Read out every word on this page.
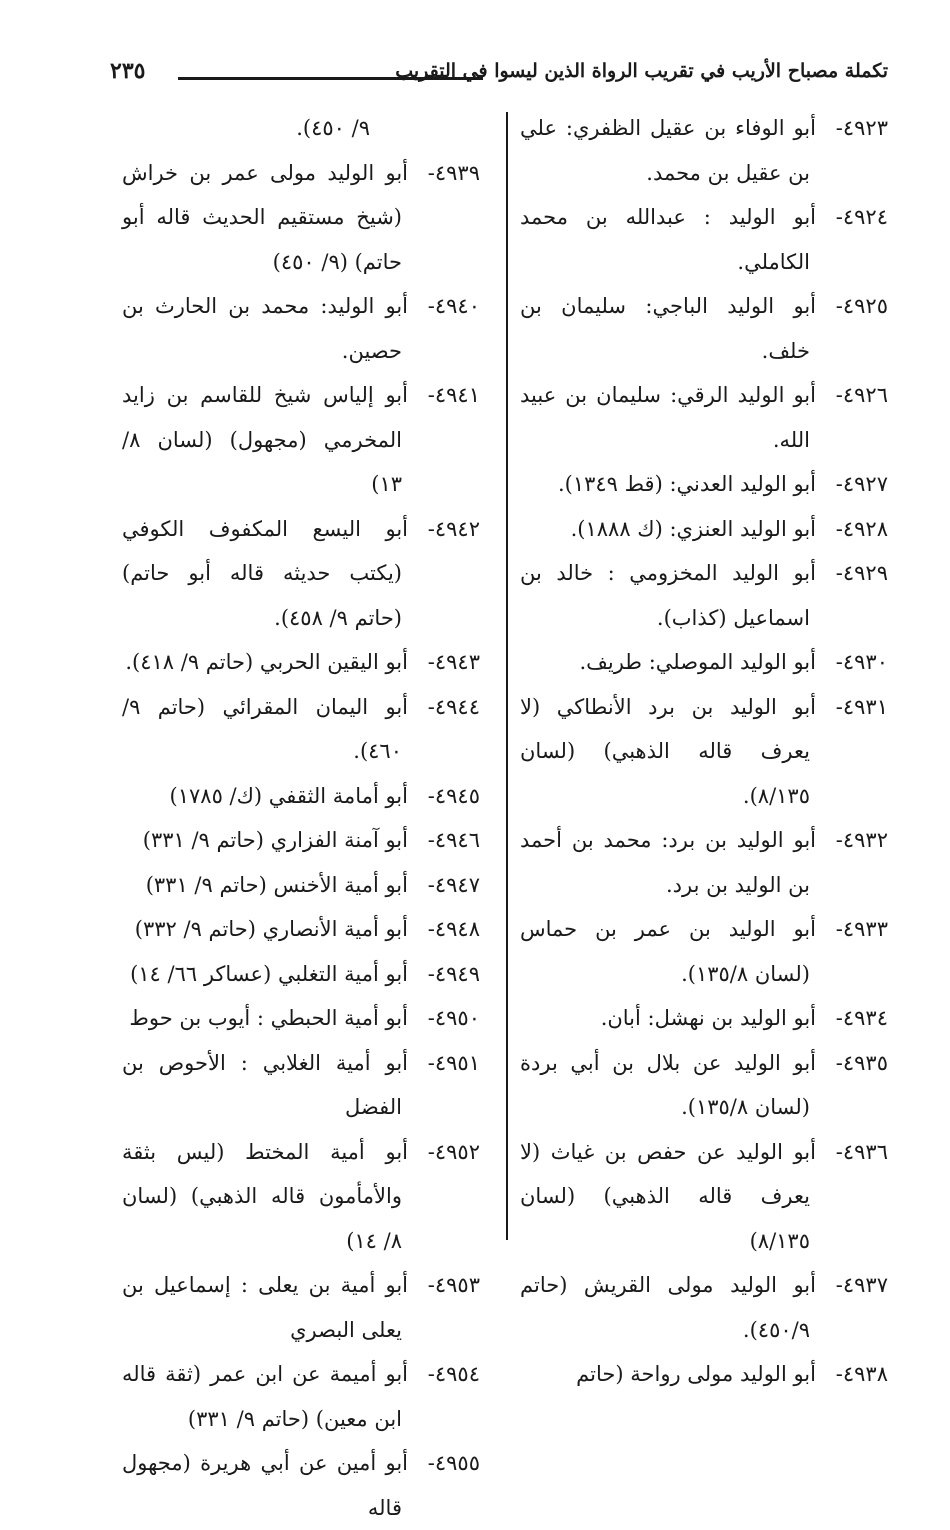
تكملة مصباح الأريب في تقريب الرواة الذين ليسوا في التقريب
٢٣٥

٤٩٢٣-أبو الوفاء بن عقيل الظفري: علي بن عقيل بن محمد.

٤٩٢٤-أبو الوليد : عبدالله بن محمد الكاملي.

٤٩٢٥-أبو الوليد الباجي: سليمان بن خلف.

٤٩٢٦-أبو الوليد الرقي: سليمان بن عبيد الله.

٤٩٢٧-أبو الوليد العدني: (قط ١٣٤٩).

٤٩٢٨-أبو الوليد العنزي: (ك ١٨٨٨).

٤٩٢٩-أبو الوليد المخزومي : خالد بن اسماعيل (كذاب).

٤٩٣٠-أبو الوليد الموصلي: طريف.

٤٩٣١-أبو الوليد بن برد الأنطاكي (لا يعرف قاله الذهبي) (لسان ٨/١٣٥).

٤٩٣٢-أبو الوليد بن برد: محمد بن أحمد بن الوليد بن برد.

٤٩٣٣-أبو الوليد بن عمر بن حماس (لسان ١٣٥/٨).

٤٩٣٤-أبو الوليد بن نهشل: أبان.

٤٩٣٥-أبو الوليد عن بلال بن أبي بردة (لسان ١٣٥/٨).

٤٩٣٦-أبو الوليد عن حفص بن غياث (لا يعرف قاله الذهبي) (لسان ٨/١٣٥)

٤٩٣٧-أبو الوليد مولى القريش (حاتم ٤٥٠/٩).

٤٩٣٨-أبو الوليد مولى رواحة (حاتم

٩/ ٤٥٠).

٤٩٣٩-أبو الوليد مولى عمر بن خراش (شيخ مستقيم الحديث قاله أبو حاتم) (٩/ ٤٥٠)

٤٩٤٠-أبو الوليد: محمد بن الحارث بن حصين.

٤٩٤١-أبو إلياس شيخ للقاسم بن زايد المخرمي (مجهول) (لسان ٨/ ١٣)

٤٩٤٢-أبو اليسع المكفوف الكوفي (يكتب حديثه قاله أبو حاتم) (حاتم ٩/ ٤٥٨).

٤٩٤٣-أبو اليقين الحربي (حاتم ٩/ ٤١٨).

٤٩٤٤-أبو اليمان المقرائي (حاتم ٩/ ٤٦٠).

٤٩٤٥-أبو أمامة الثقفي (ك/ ١٧٨٥)

٤٩٤٦-أبو آمنة الفزاري (حاتم ٩/ ٣٣١)

٤٩٤٧-أبو أمية الأخنس (حاتم ٩/ ٣٣١)

٤٩٤٨-أبو أمية الأنصاري (حاتم ٩/ ٣٣٢)

٤٩٤٩-أبو أمية التغلبي (عساكر ٦٦/ ١٤)

٤٩٥٠-أبو أمية الحبطي : أيوب بن حوط

٤٩٥١-أبو أمية الغلابي : الأحوص بن الفضل

٤٩٥٢-أبو أمية المختط (ليس بثقة والأمأمون قاله الذهبي) (لسان ٨/ ١٤)

٤٩٥٣-أبو أمية بن يعلى : إسماعيل بن يعلى البصري

٤٩٥٤-أبو أميمة عن ابن عمر (ثقة قاله ابن معين) (حاتم ٩/ ٣٣١)

٤٩٥٥-أبو أمين عن أبي هريرة (مجهول قاله
